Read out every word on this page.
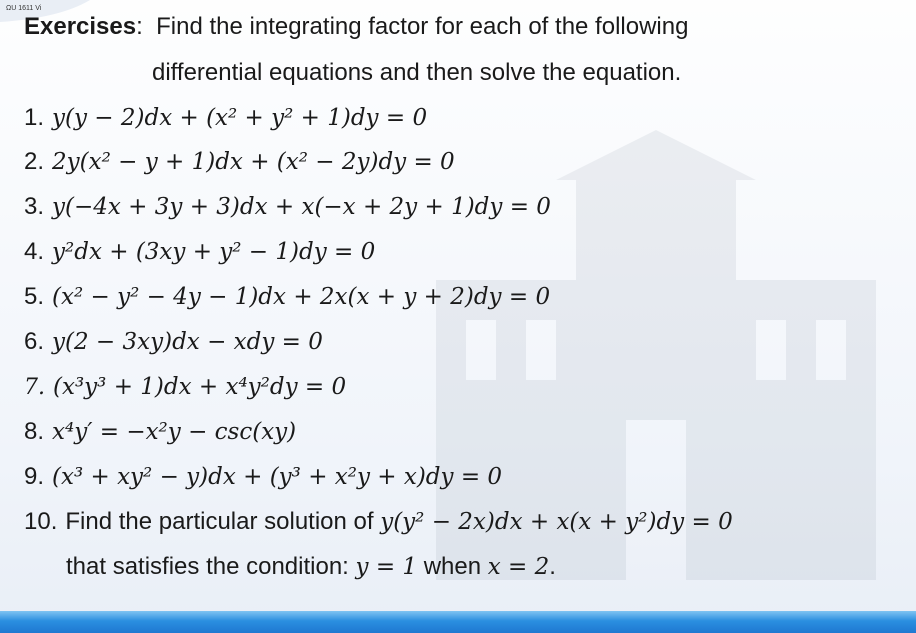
ΩU 1611 Vi
Exercises: Find the integrating factor for each of the following
differential equations and then solve the equation.
1. y(y − 2)dx + (x² + y² + 1)dy = 0
2. 2y(x² − y + 1)dx + (x² − 2y)dy = 0
3. y(−4x + 3y + 3)dx + x(−x + 2y + 1)dy = 0
4. y²dx + (3xy + y² − 1)dy = 0
5. (x² − y² − 4y − 1)dx + 2x(x + y + 2)dy = 0
6. y(2 − 3xy)dx − xdy = 0
7. (x³y³ + 1)dx + x⁴y²dy = 0
8. x⁴y′ = −x²y − csc(xy)
9. (x³ + xy² − y)dx + (y³ + x²y + x)dy = 0
10. Find the particular solution of y(y² − 2x)dx + x(x + y²)dy = 0
that satisfies the condition: y = 1 when x = 2.
